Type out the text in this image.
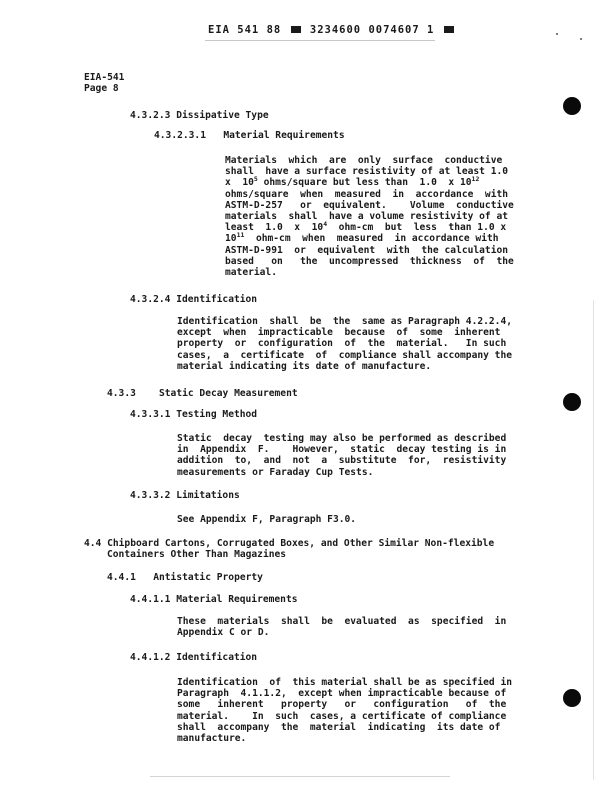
EIA 541 88	3234600 0074607 1
EIA-541
Page 8
4.3.2.3 Dissipative Type
4.3.2.3.1 Material Requirements
Materials  which  are  only  surface  conductive
shall  have a surface resistivity of at least 1.0
x  $10^5$ ohms/square but less than  1.0  x $10^{12}$
ohms/square  when  measured  in  accordance  with
ASTM-D-257   or  equivalent.    Volume  conductive
materials  shall  have a volume resistivity of at
least  1.0  x  $10^4$  ohm-cm  but  less  than 1.0 x
$10^{11}$  ohm-cm  when  measured  in accordance with
ASTM-D-991  or  equivalent  with  the calculation
based   on   the  uncompressed  thickness  of  the
material.
4.3.2.4 Identification
Identification  shall  be  the  same as Paragraph 4.2.2.4,
except  when  impracticable  because  of  some  inherent
property  or  configuration  of  the  material.   In such
cases,  a  certificate  of  compliance shall accompany the
material indicating its date of manufacture.
4.3.3 Static Decay Measurement
4.3.3.1 Testing Method
Static  decay  testing may also be performed as described
in  Appendix  F.    However,  static  decay testing is in
addition  to,  and  not  a  substitute  for,  resistivity
measurements or Faraday Cup Tests.
4.3.3.2 Limitations
See Appendix F, Paragraph F3.0.
4.4 Chipboard Cartons, Corrugated Boxes, and Other Similar Non-flexible
Containers Other Than Magazines
4.4.1 Antistatic Property
4.4.1.1 Material Requirements
These  materials  shall  be  evaluated  as  specified  in
Appendix C or D.
4.4.1.2 Identification
Identification  of  this material shall be as specified in
Paragraph  4.1.1.2,  except when impracticable because of
some   inherent   property   or   configuration   of  the
material.    In  such  cases, a certificate of compliance
shall  accompany  the  material  indicating  its date of
manufacture.
